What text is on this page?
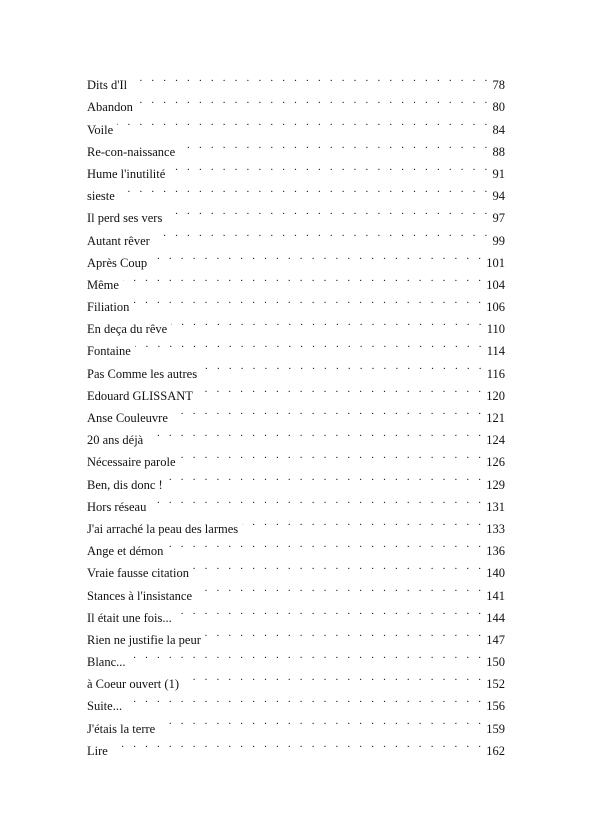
Dits d'Il . . .	78
Abandon . . .	80
Voile . . .	84
Re-con-naissance . . .	88
Hume l'inutilité . . .	91
sieste . . .	94
Il perd ses vers . . .	97
Autant rêver . . .	99
Après Coup . . .	101
Même . . .	104
Filiation . . .	106
En deça du rêve . . .	110
Fontaine . . .	114
Pas Comme les autres . . .	116
Edouard GLISSANT . . .	120
Anse Couleuvre . . .	121
20 ans déjà . . .	124
Nécessaire parole . . .	126
Ben, dis donc ! . . .	129
Hors réseau . . .	131
J'ai arraché la peau des larmes . . .	133
Ange et démon . . .	136
Vraie fausse citation . . .	140
Stances à l'insistance . . .	141
Il était une fois... . . .	144
Rien ne justifie la peur . . .	147
Blanc... . . .	150
à Coeur ouvert (1) . . .	152
Suite... . . .	156
J'étais la terre . . .	159
Lire . . .	162
